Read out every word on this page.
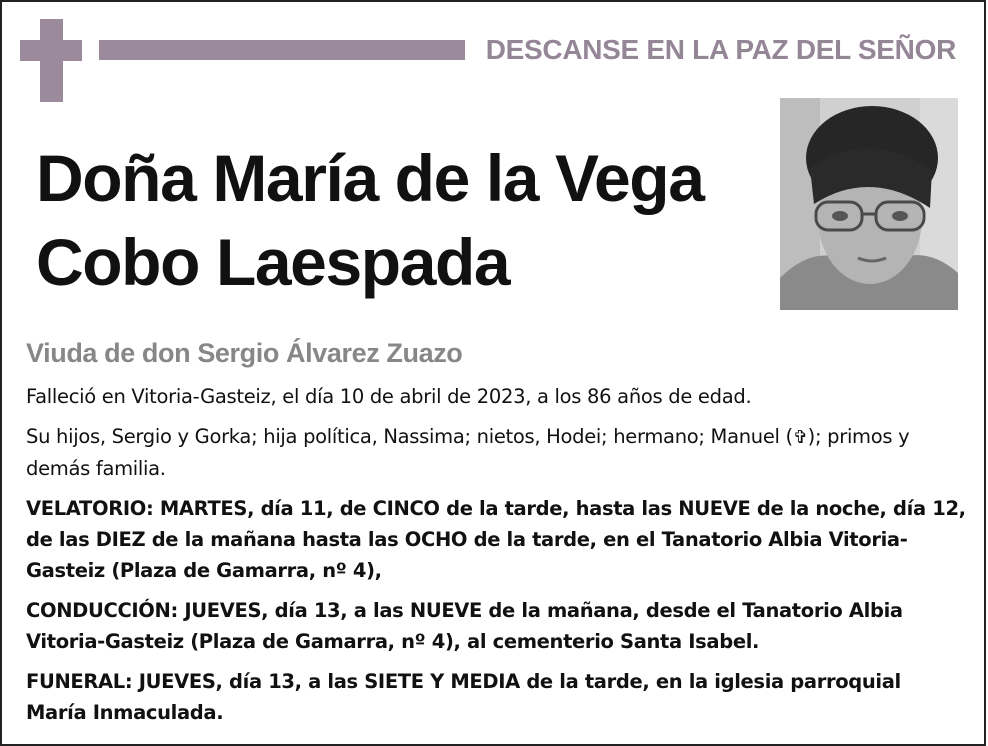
DESCANSE EN LA PAZ DEL SEÑOR
Doña María de la Vega
Cobo Laespada
Viuda de don Sergio Álvarez Zuazo

Falleció en Vitoria-Gasteiz, el día 10 de abril de 2023, a los 86 años de edad.

Su hijos, Sergio y Gorka; hija política, Nassima; nietos, Hodei; hermano; Manuel (✞); primos y demás familia.

VELATORIO: MARTES, día 11, de CINCO de la tarde, hasta las NUEVE de la noche, día 12, de las DIEZ de la mañana hasta las OCHO de la tarde, en el Tanatorio Albia Vitoria-Gasteiz (Plaza de Gamarra, nº 4),

CONDUCCIÓN: JUEVES, día 13, a las NUEVE de la mañana, desde el Tanatorio Albia Vitoria-Gasteiz (Plaza de Gamarra, nº 4), al cementerio Santa Isabel.

FUNERAL: JUEVES, día 13, a las SIETE Y MEDIA de la tarde, en la iglesia parroquial María Inmaculada.
